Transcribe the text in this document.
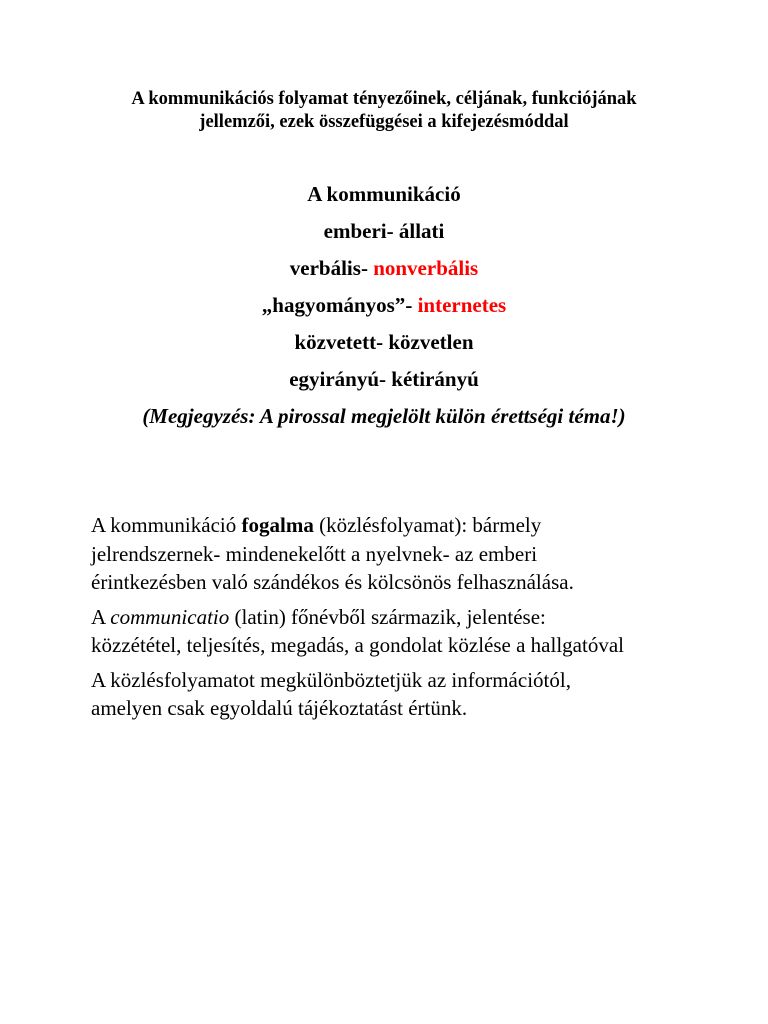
A kommunikációs folyamat tényezőinek, céljának, funkciójának
jellemzői, ezek összefüggései a kifejezésmóddal
A kommunikáció
emberi- állati
verbális- nonverbális
„hagyományos”- internetes
közvetett- közvetlen
egyirányú- kétirányú
(Megjegyzés: A pirossal megjelölt külön érettségi téma!)
A kommunikáció fogalma (közlésfolyamat): bármely jelrendszernek- mindenekelőtt a nyelvnek- az emberi érintkezésben való szándékos és kölcsönös felhasználása.
A communicatio (latin) főnévből származik, jelentése: közzététel, teljesítés, megadás, a gondolat közlése a hallgatóval
A közlésfolyamatot megkülönböztetjük az információtól, amelyen csak egyoldalú tájékoztatást értünk.
